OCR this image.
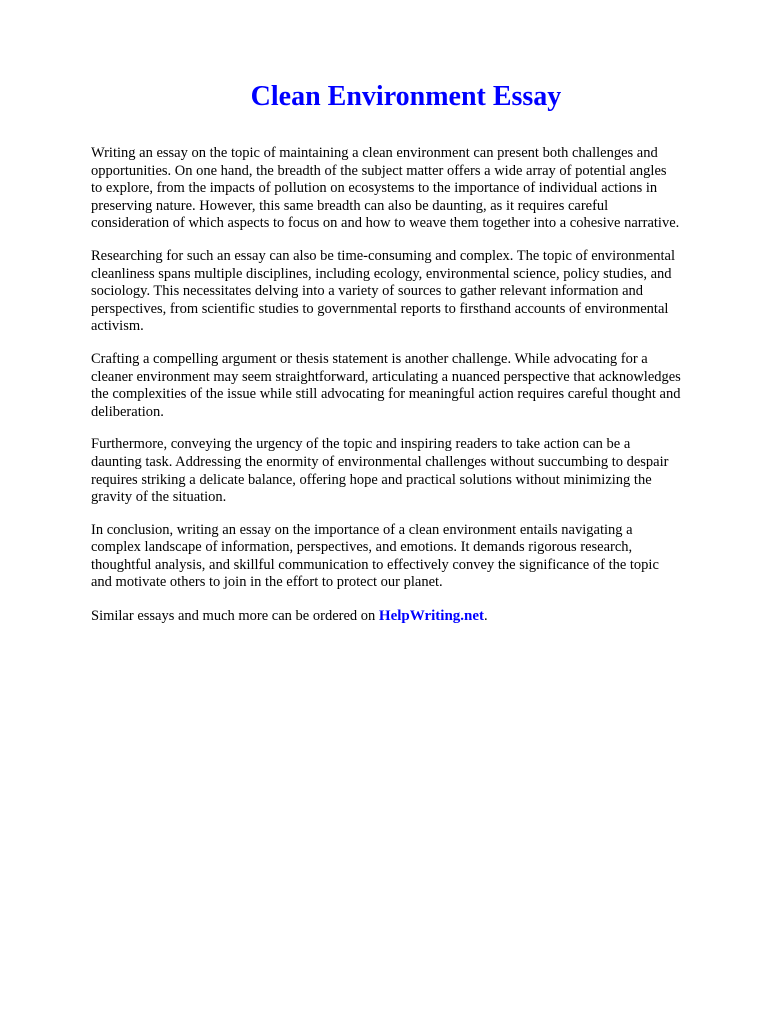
Clean Environment Essay

Writing an essay on the topic of maintaining a clean environment can present both challenges and
opportunities. On one hand, the breadth of the subject matter offers a wide array of potential angles
to explore, from the impacts of pollution on ecosystems to the importance of individual actions in
preserving nature. However, this same breadth can also be daunting, as it requires careful
consideration of which aspects to focus on and how to weave them together into a cohesive narrative.

Researching for such an essay can also be time-consuming and complex. The topic of environmental
cleanliness spans multiple disciplines, including ecology, environmental science, policy studies, and
sociology. This necessitates delving into a variety of sources to gather relevant information and
perspectives, from scientific studies to governmental reports to firsthand accounts of environmental
activism.

Crafting a compelling argument or thesis statement is another challenge. While advocating for a
cleaner environment may seem straightforward, articulating a nuanced perspective that acknowledges
the complexities of the issue while still advocating for meaningful action requires careful thought and
deliberation.

Furthermore, conveying the urgency of the topic and inspiring readers to take action can be a
daunting task. Addressing the enormity of environmental challenges without succumbing to despair
requires striking a delicate balance, offering hope and practical solutions without minimizing the
gravity of the situation.

In conclusion, writing an essay on the importance of a clean environment entails navigating a
complex landscape of information, perspectives, and emotions. It demands rigorous research,
thoughtful analysis, and skillful communication to effectively convey the significance of the topic
and motivate others to join in the effort to protect our planet.

Similar essays and much more can be ordered on HelpWriting.net.
